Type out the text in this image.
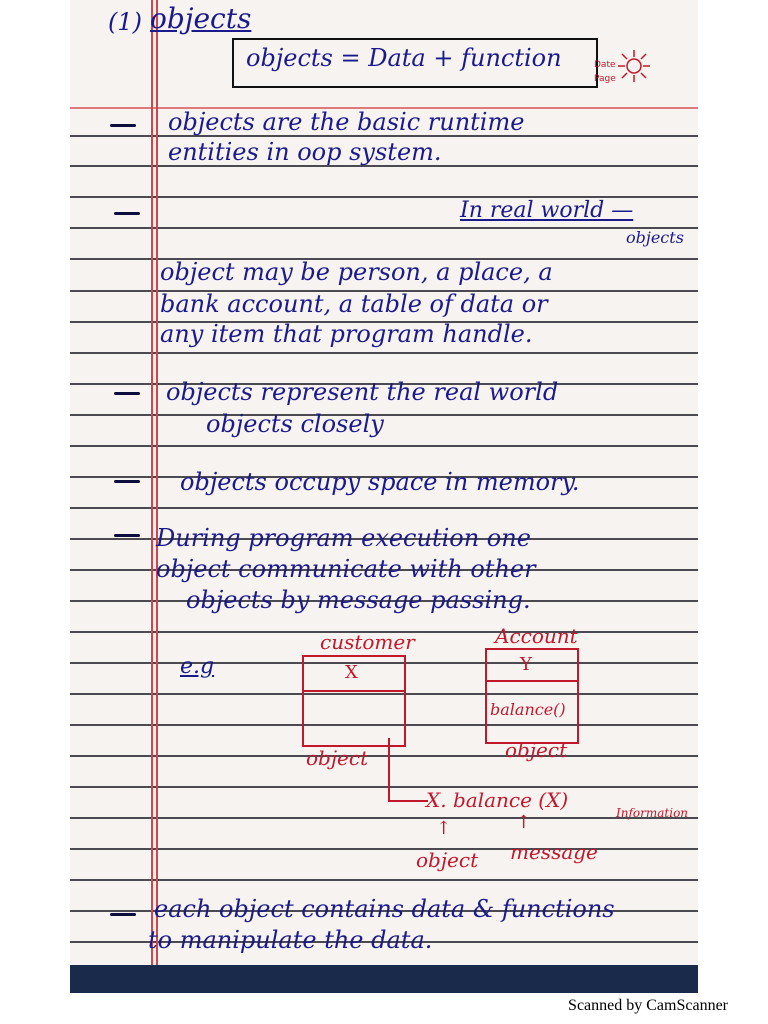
(1) objects
objects = Data + function	Date
Page
objects are the basic runtime
entities in oop system.
In real world —
objects
object may be person, a place, a
bank account, a table of data or
any item that program handle.
objects represent the real world
objects closely
objects occupy space in memory.
During program execution one
object communicate with other
objects by message passing.
e.g
customer
X
object
Account
Y
balance()
object
X. balance (X)
Information
↑	↑
object message
each object contains data & functions
to manipulate the data.
Scanned by CamScanner
